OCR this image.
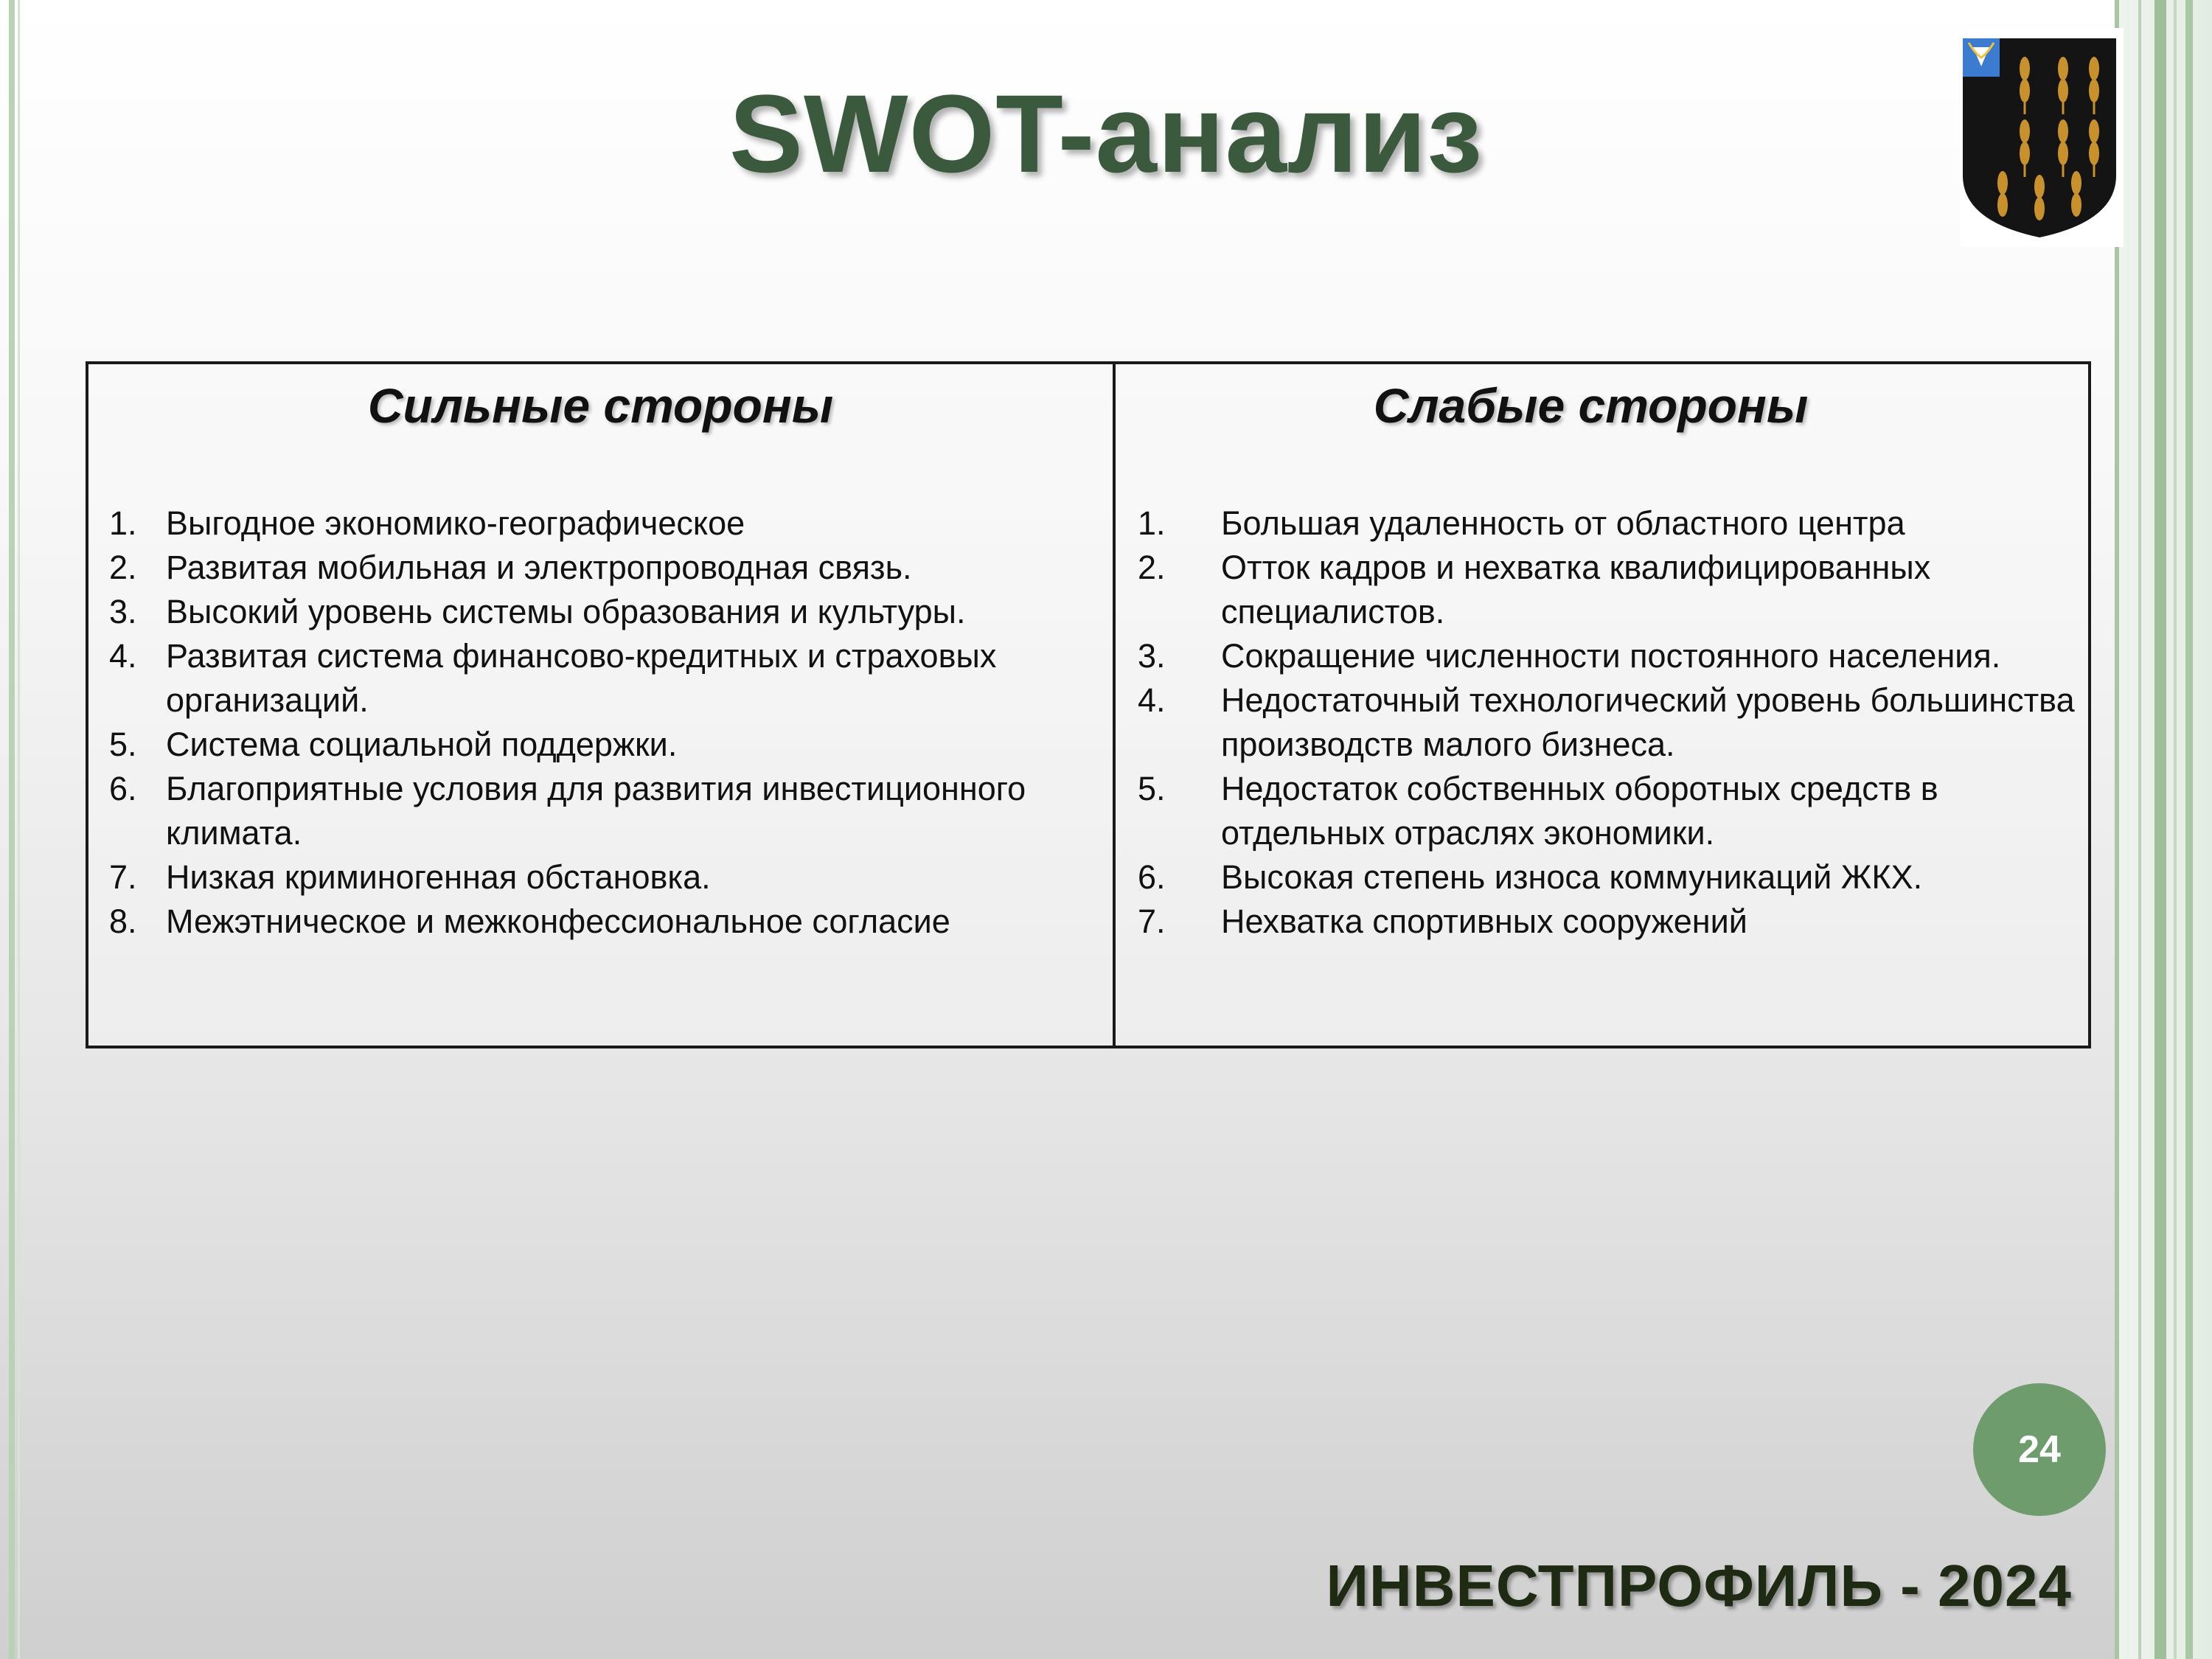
SWOT-анализ
Сильные стороны
1. Выгодное экономико-географическое
2. Развитая мобильная и электропроводная связь.
3. Высокий уровень системы образования и культуры.
4. Развитая система финансово-кредитных и страховых организаций.
5. Система социальной поддержки.
6. Благоприятные условия для развития инвестиционного климата.
7. Низкая криминогенная обстановка.
8. Межэтническое и межконфессиональное согласие
Слабые стороны
1.	Большая удаленность от областного центра
2.	Отток кадров и нехватка квалифицированных специалистов.
3.	Сокращение численности постоянного населения.
4.	Недостаточный технологический уровень большинства производств малого бизнеса.
5.	Недостаток собственных оборотных средств в отдельных отраслях экономики.
6.	Высокая степень износа коммуникаций ЖКХ.
7.	Нехватка спортивных сооружений
24
ИНВЕСТПРОФИЛЬ - 2024
